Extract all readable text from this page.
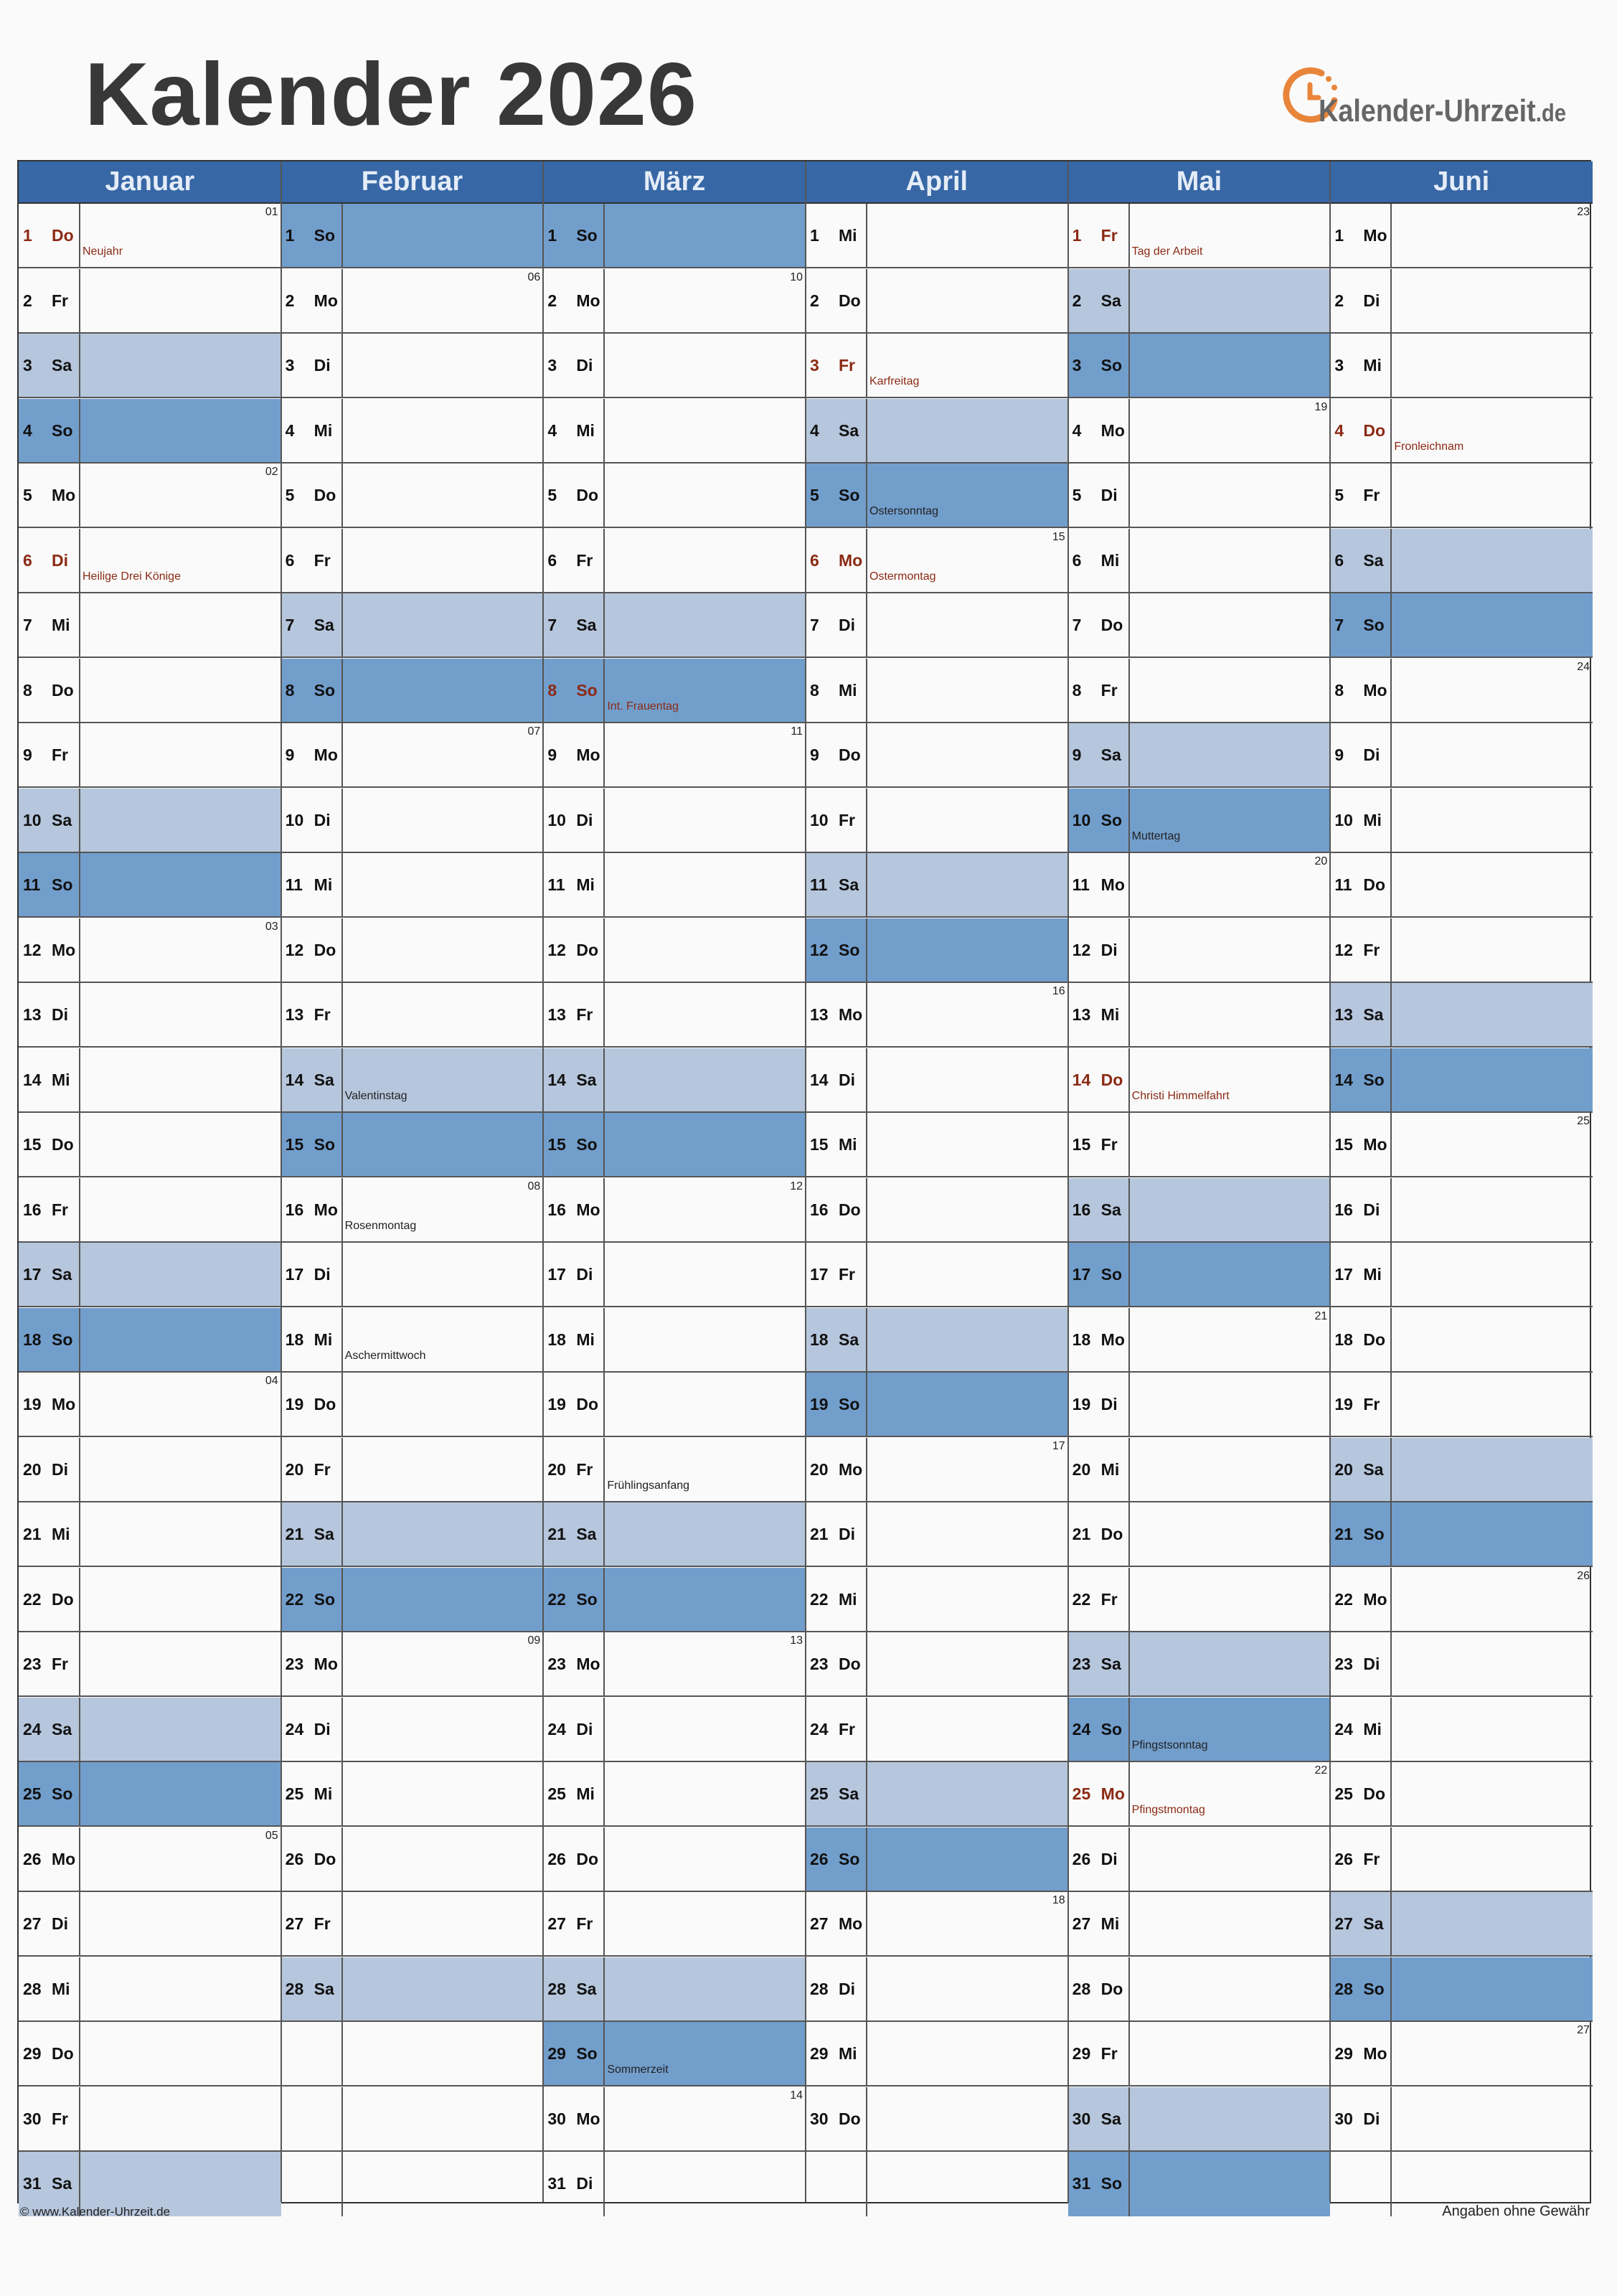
Kalender 2026	Kalender-Uhrzeit.de
Januar
1 Do
Neujahr
01
2 Fr
3 Sa
4 So
5 Mo
02
6 Di
Heilige Drei Könige
7 Mi
8 Do
9 Fr
10 Sa
11 So
12 Mo
03
13 Di
14 Mi
15 Do
16 Fr
17 Sa
18 So
19 Mo
04
20 Di
21 Mi
22 Do
23 Fr
24 Sa
25 So
26 Mo
05
27 Di
28 Mi
29 Do
30 Fr
31 Sa
Februar
1 So
2 Mo
06
3 Di
4 Mi
5 Do
6 Fr
7 Sa
8 So
9 Mo
07
10 Di
11 Mi
12 Do
13 Fr
14 Sa
Valentinstag
15 So
16 Mo
Rosenmontag
08
17 Di
18 Mi
Aschermittwoch
19 Do
20 Fr
21 Sa
22 So
23 Mo
09
24 Di
25 Mi
26 Do
27 Fr
28 Sa
März
1 So
2 Mo
10
3 Di
4 Mi
5 Do
6 Fr
7 Sa
8 So
Int. Frauentag
9 Mo
11
10 Di
11 Mi
12 Do
13 Fr
14 Sa
15 So
16 Mo
12
17 Di
18 Mi
19 Do
20 Fr
Frühlingsanfang
21 Sa
22 So
23 Mo
13
24 Di
25 Mi
26 Do
27 Fr
28 Sa
29 So
Sommerzeit
30 Mo
14
31 Di
April
1 Mi
2 Do
3 Fr
Karfreitag
4 Sa
5 So
Ostersonntag
6 Mo
Ostermontag
15
7 Di
8 Mi
9 Do
10 Fr
11 Sa
12 So
13 Mo
16
14 Di
15 Mi
16 Do
17 Fr
18 Sa
19 So
20 Mo
17
21 Di
22 Mi
23 Do
24 Fr
25 Sa
26 So
27 Mo
18
28 Di
29 Mi
30 Do
Mai
1 Fr
Tag der Arbeit
2 Sa
3 So
4 Mo
19
5 Di
6 Mi
7 Do
8 Fr
9 Sa
10 So
Muttertag
11 Mo
20
12 Di
13 Mi
14 Do
Christi Himmelfahrt
15 Fr
16 Sa
17 So
18 Mo
21
19 Di
20 Mi
21 Do
22 Fr
23 Sa
24 So
Pfingstsonntag
25 Mo
Pfingstmontag
22
26 Di
27 Mi
28 Do
29 Fr
30 Sa
31 So
Juni
1 Mo
23
2 Di
3 Mi
4 Do
Fronleichnam
5 Fr
6 Sa
7 So
8 Mo
24
9 Di
10 Mi
11 Do
12 Fr
13 Sa
14 So
15 Mo
25
16 Di
17 Mi
18 Do
19 Fr
20 Sa
21 So
22 Mo
26
23 Di
24 Mi
25 Do
26 Fr
27 Sa
28 So
29 Mo
27
30 Di
© www.Kalender-Uhrzeit.de	Angaben ohne Gewähr
